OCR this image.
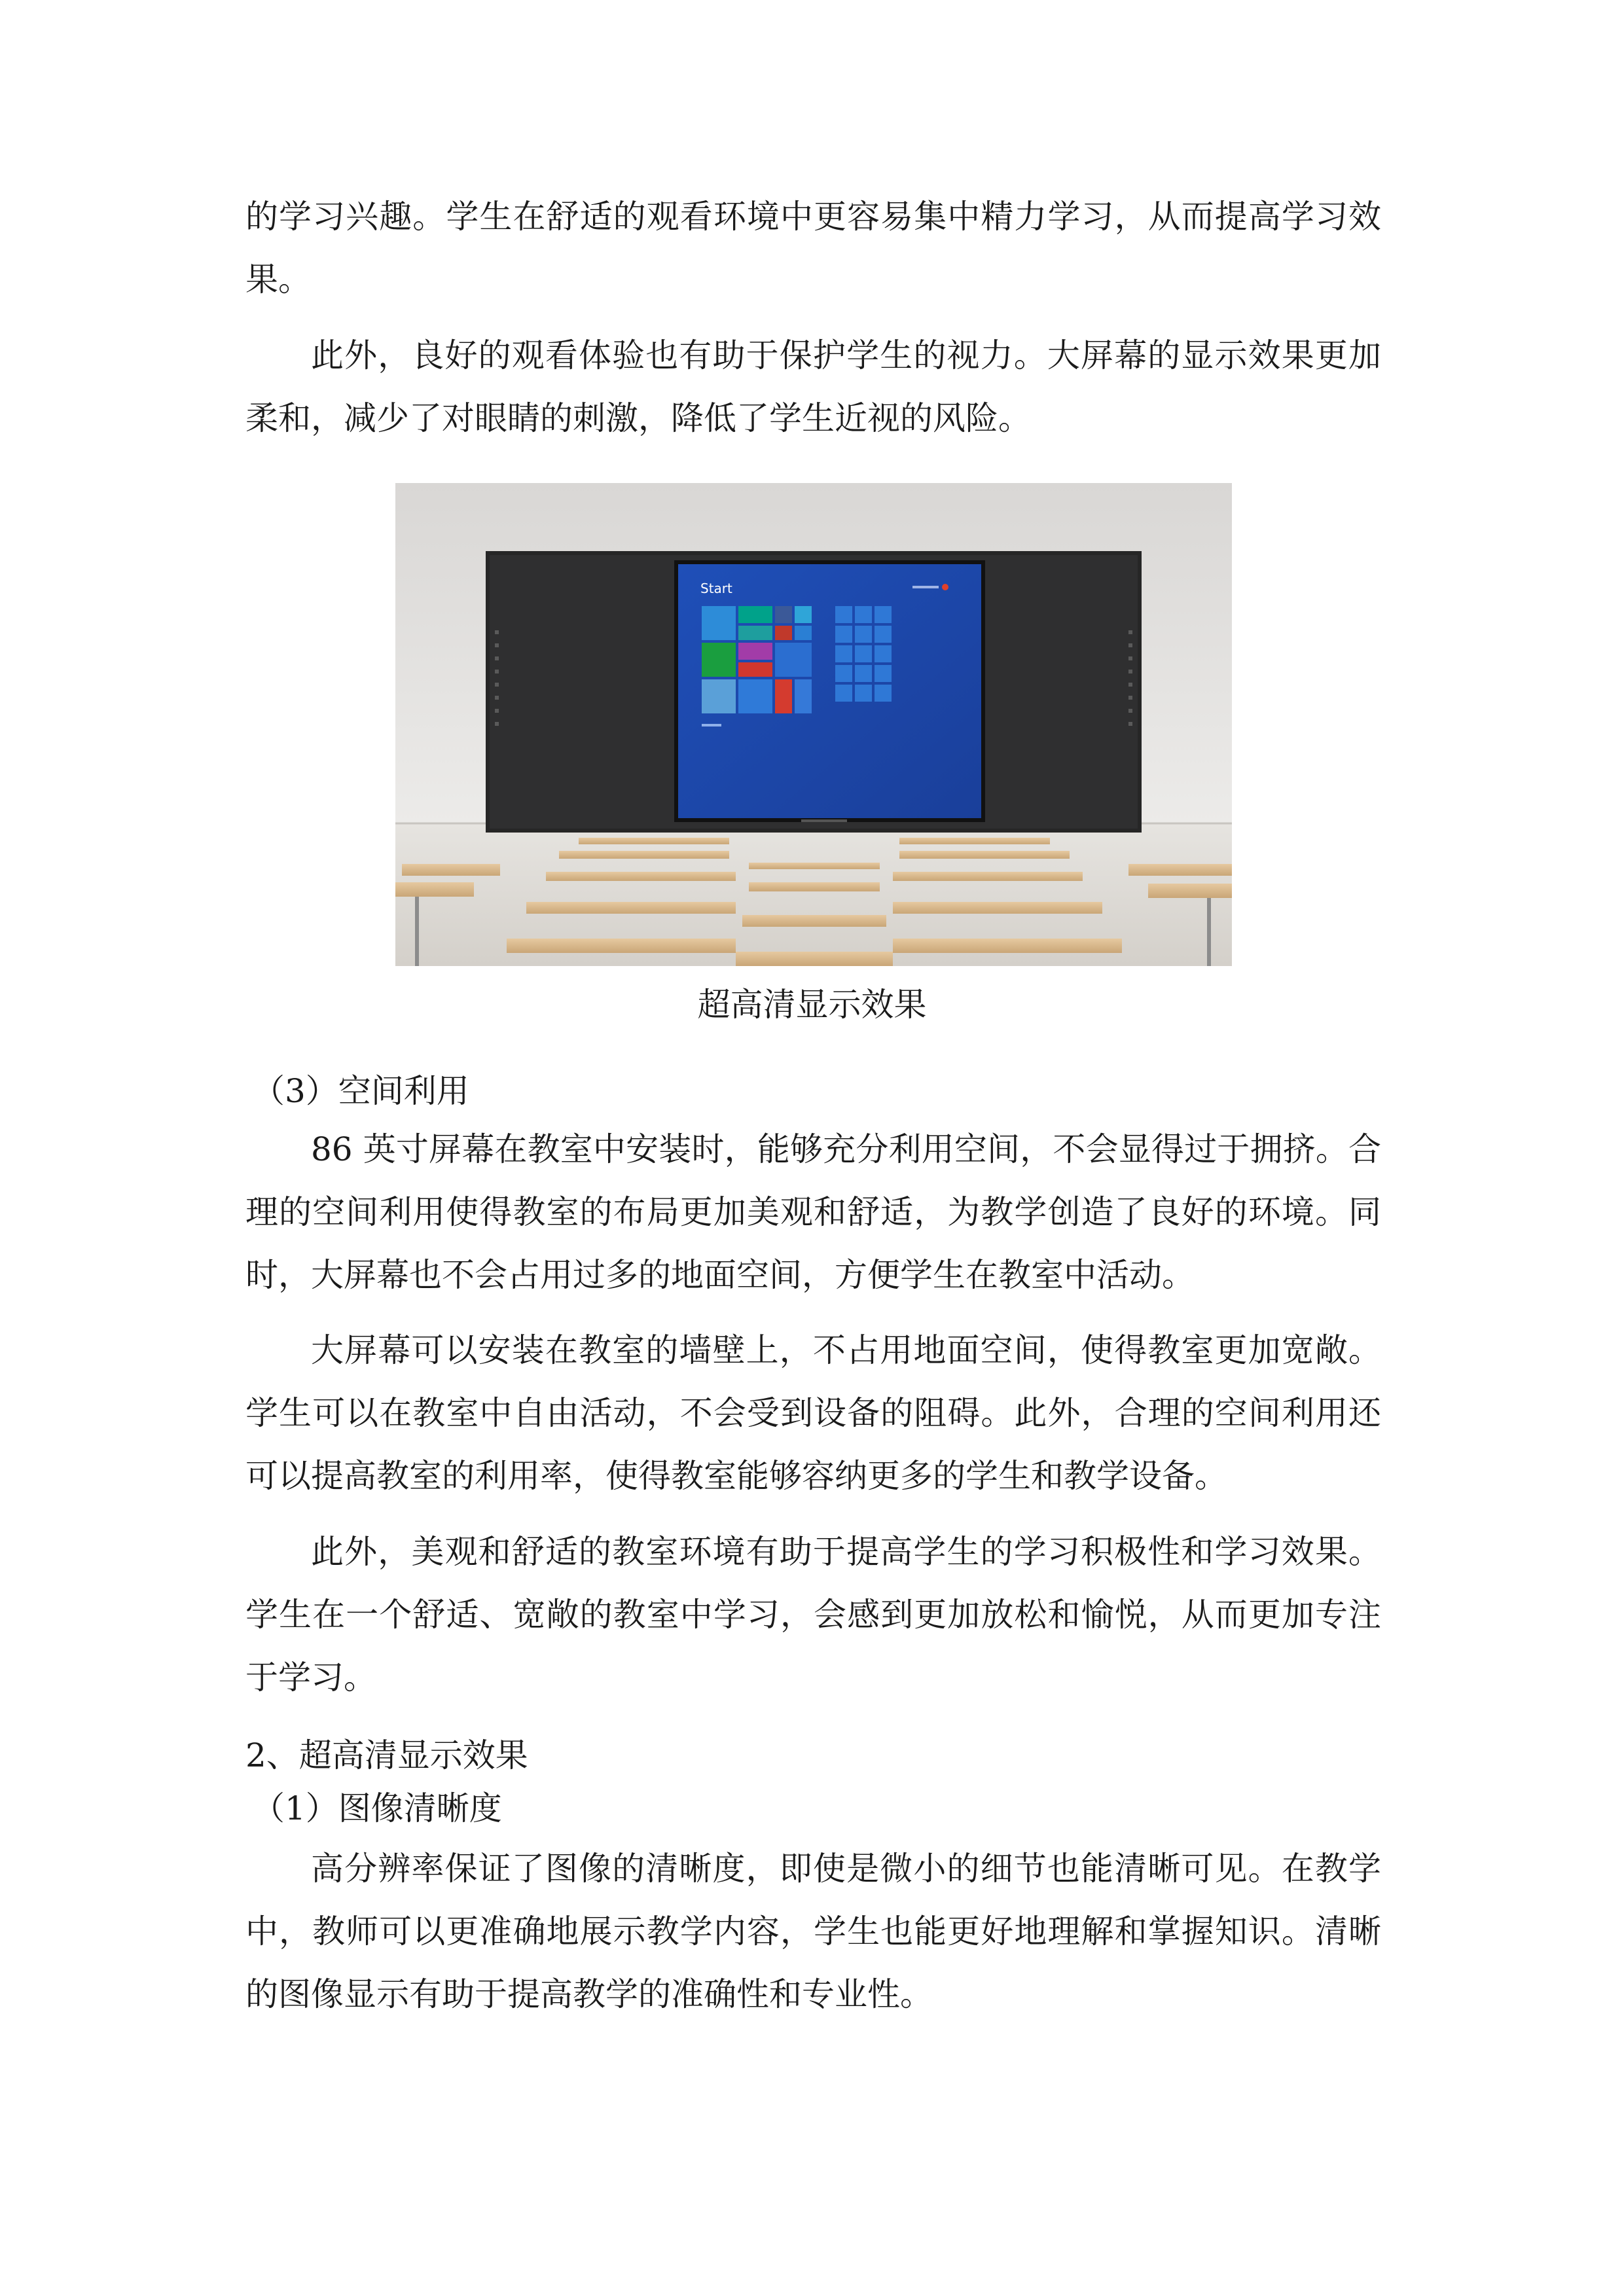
的学习兴趣。学生在舒适的观看环境中更容易集中精力学习，从而提高学习效果。

此外，良好的观看体验也有助于保护学生的视力。大屏幕的显示效果更加柔和，减少了对眼睛的刺激，降低了学生近视的风险。

Start

超高清显示效果

（3）空间利用

86 英寸屏幕在教室中安装时，能够充分利用空间，不会显得过于拥挤。合理的空间利用使得教室的布局更加美观和舒适，为教学创造了良好的环境。同时，大屏幕也不会占用过多的地面空间，方便学生在教室中活动。

大屏幕可以安装在教室的墙壁上，不占用地面空间，使得教室更加宽敞。学生可以在教室中自由活动，不会受到设备的阻碍。此外，合理的空间利用还可以提高教室的利用率，使得教室能够容纳更多的学生和教学设备。

此外，美观和舒适的教室环境有助于提高学生的学习积极性和学习效果。学生在一个舒适、宽敞的教室中学习，会感到更加放松和愉悦，从而更加专注于学习。

2、超高清显示效果

（1）图像清晰度

高分辨率保证了图像的清晰度，即使是微小的细节也能清晰可见。在教学中，教师可以更准确地展示教学内容，学生也能更好地理解和掌握知识。清晰的图像显示有助于提高教学的准确性和专业性。
